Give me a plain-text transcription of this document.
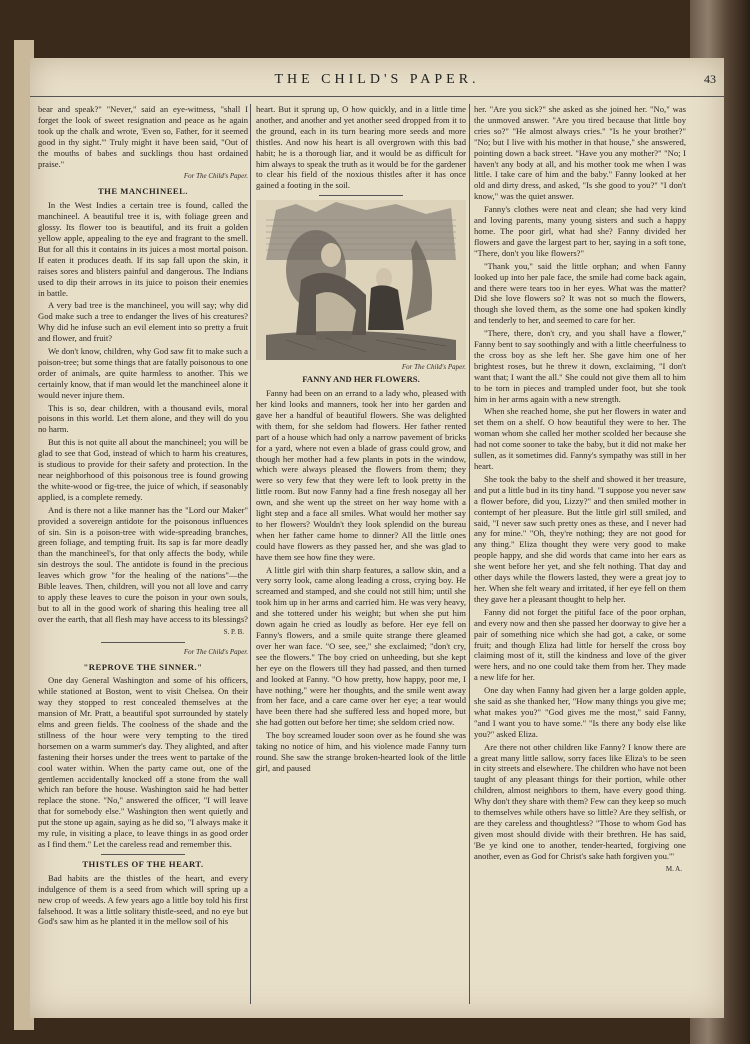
THE CHILD'S PAPER.	43

bear and speak?" "Never," said an eye-witness, "shall I forget the look of sweet resignation and peace as he again took up the chalk and wrote, 'Even so, Father, for it seemed good in thy sight.'" Truly might it have been said, "Out of the mouths of babes and sucklings thou hast ordained praise."

For The Child's Paper.
THE MANCHINEEL.

In the West Indies a certain tree is found, called the manchineel. A beautiful tree it is, with foliage green and glossy. Its flower too is beautiful, and its fruit a golden yellow apple, appealing to the eye and fragrant to the smell. But for all this it contains in its juices a most mortal poison. If eaten it produces death. If its sap fall upon the skin, it raises sores and blisters painful and dangerous. The Indians used to dip their arrows in its juice to poison their enemies in battle.

A very bad tree is the manchineel, you will say; why did God make such a tree to endanger the lives of his creatures? Why did he infuse such an evil element into so pretty a fruit and flower, and fruit?

We don't know, children, why God saw fit to make such a poison-tree; but some things that are fatally poisonous to one order of animals, are quite harmless to another. This we certainly know, that if man would let the manchineel alone it would never injure them.

This is so, dear children, with a thousand evils, moral poisons in this world. Let them alone, and they will do you no harm.

But this is not quite all about the manchineel; you will be glad to see that God, instead of which to harm his creatures, is studious to provide for their safety and protection. In the near neighborhood of this poisonous tree is found growing the white-wood or fig-tree, the juice of which, if seasonably applied, is a complete remedy.

And is there not a like manner has the "Lord our Maker" provided a sovereign antidote for the poisonous influences of sin. Sin is a poison-tree with wide-spreading branches, green foliage, and tempting fruit. Its sap is far more deadly than the manchineel's, for that only affects the body, while sin destroys the soul. The antidote is found in the precious leaves which grow "for the healing of the nations"—the Bible leaves. Then, children, will you not all love and carry to apply these leaves to cure the poison in your own souls, but to all in the good work of sharing this healing tree all over the earth, that all flesh may have access to its blessings?

S. P. B.
For The Child's Paper.
"REPROVE THE SINNER."

One day General Washington and some of his officers, while stationed at Boston, went to visit Chelsea. On their way they stopped to rest concealed themselves at the mansion of Mr. Pratt, a beautiful spot surrounded by stately elms and green fields. The coolness of the shade and the stillness of the hour were very tempting to the tired horsemen on a warm summer's day. They alighted, and after fastening their horses under the trees went to partake of the cool water within. When the party came out, one of the gentlemen accidentally knocked off a stone from the wall which ran before the house. Washington said he had better replace the stone. "No," answered the officer, "I will leave that for somebody else." Washington then went quietly and put the stone up again, saying as he did so, "I always make it my rule, in visiting a place, to leave things in as good order as I find them." Let the careless read and remember this.

THISTLES OF THE HEART.

Bad habits are the thistles of the heart, and every indulgence of them is a seed from which will spring up a new crop of weeds. A few years ago a little boy told his first falsehood. It was a little solitary thistle-seed, and no eye but God's saw him as he planted it in the mellow soil of his

heart. But it sprung up, O how quickly, and in a little time another, and another and yet another seed dropped from it to the ground, each in its turn bearing more seeds and more thistles. And now his heart is all overgrown with this bad habit; he is a thorough liar, and it would be as difficult for him always to speak the truth as it would be for the gardener to clear his field of the noxious thistles after it has once gained a footing in the soil.

For The Child's Paper.
FANNY AND HER FLOWERS.

Fanny had been on an errand to a lady who, pleased with her kind looks and manners, took her into her garden and gave her a handful of beautiful flowers. She was delighted with them, for she seldom had flowers. Her father rented part of a house which had only a narrow pavement of bricks for a yard, where not even a blade of grass could grow, and though her mother had a few plants in pots in the window, which were always pleased the flowers from them; they were so very few that they were left to look pretty in the little room. But now Fanny had a fine fresh nosegay all her own, and she went up the street on her way home with a light step and a face all smiles. What would her mother say to her flowers? Wouldn't they look splendid on the bureau when her father came home to dinner? All the little ones could have flowers as they passed her, and she was glad to have them see how fine they were.

A little girl with thin sharp features, a sallow skin, and a very sorry look, came along leading a cross, crying boy. He screamed and stamped, and she could not still him; until she took him up in her arms and carried him. He was very heavy, and she tottered under his weight; but when she put him down again he cried as loudly as before. Her eye fell on Fanny's flowers, and a smile quite strange there gleamed over her wan face. "O see, see," she exclaimed; "don't cry, see the flowers." The boy cried on unheeding, but she kept her eye on the flowers till they had passed, and then turned and looked at Fanny. "O how pretty, how happy, poor me, I have nothing," were her thoughts, and the smile went away from her face, and a care came over her eye; a tear would have been there had she suffered less and hoped more, but she had gotten out before her time; she seldom cried now.

The boy screamed louder soon over as he found she was taking no notice of him, and his violence made Fanny turn round. She saw the strange broken-hearted look of the little girl, and paused

her. "Are you sick?" she asked as she joined her. "No," was the unmoved answer. "Are you tired because that little boy cries so?" "He almost always cries." "Is he your brother?" "No; but I live with his mother in that house," she answered, pointing down a back street. "Have you any mother?" "No; I haven't any body at all, and his mother took me when I was little. I take care of him and the baby." Fanny looked at her old and dirty dress, and asked, "Is she good to you?" "I don't know," was the quiet answer.

Fanny's clothes were neat and clean; she had very kind and loving parents, many young sisters and such a happy home. The poor girl, what had she? Fanny divided her flowers and gave the largest part to her, saying in a soft tone, "There, don't you like flowers?"

"Thank you," said the little orphan; and when Fanny looked up into her pale face, the smile had come back again, and there were tears too in her eyes. What was the matter? Did she love flowers so? It was not so much the flowers, though she loved them, as the some one had spoken kindly and tenderly to her, and seemed to care for her.

"There, there, don't cry, and you shall have a flower," Fanny bent to say soothingly and with a little cheerfulness to the cross boy as she left her. She gave him one of her brightest roses, but he threw it down, exclaiming, "I don't want that; I want the all." She could not give them all to him to be torn in pieces and trampled under foot, but she took him in her arms again with a new strength.

When she reached home, she put her flowers in water and set them on a shelf. O how beautiful they were to her. The woman whom she called her mother scolded her because she had not come sooner to take the baby, but it did not make her sullen, as it sometimes did. Fanny's sympathy was still in her heart.

She took the baby to the shelf and showed it her treasure, and put a little bud in its tiny hand. "I suppose you never saw a flower before, did you, Lizzy?" and then smiled mother in contempt of her pleasure. But the little girl still smiled, and said, "I never saw such pretty ones as these, and I never had any for mine." "Oh, they're nothing; they are not good for any thing." Eliza thought they were very good to make people happy, and she did words that came into her ears as she went before her yet, and she felt nothing. That day and other days while the flowers lasted, they were a great joy to her. When she felt weary and irritated, if her eye fell on them they gave her a pleasant thought to help her.

Fanny did not forget the pitiful face of the poor orphan, and every now and then she passed her doorway to give her a pair of something nice which she had got, a cake, or some fruit; and though Eliza had little for herself the cross boy claiming most of it, still the kindness and love of the giver were hers, and no one could take them from her. They made a new life for her.

One day when Fanny had given her a large golden apple, she said as she thanked her, "How many things you give me; what makes you?" "God gives me the most," said Fanny, "and I want you to have some." "Is there any body else like you?" asked Eliza.

Are there not other children like Fanny? I know there are a great many little sallow, sorry faces like Eliza's to be seen in city streets and elsewhere. The children who have not been taught of any pleasant things for their portion, while other children, almost neighbors to them, have every good thing. Why don't they share with them? Few can they keep so much to themselves while others have so little? Are they selfish, or are they careless and thoughtless? "Those to whom God has given most should divide with their brethren. He has said, 'Be ye kind one to another, tender-hearted, forgiving one another, even as God for Christ's sake hath forgiven you.'"

M. A.
